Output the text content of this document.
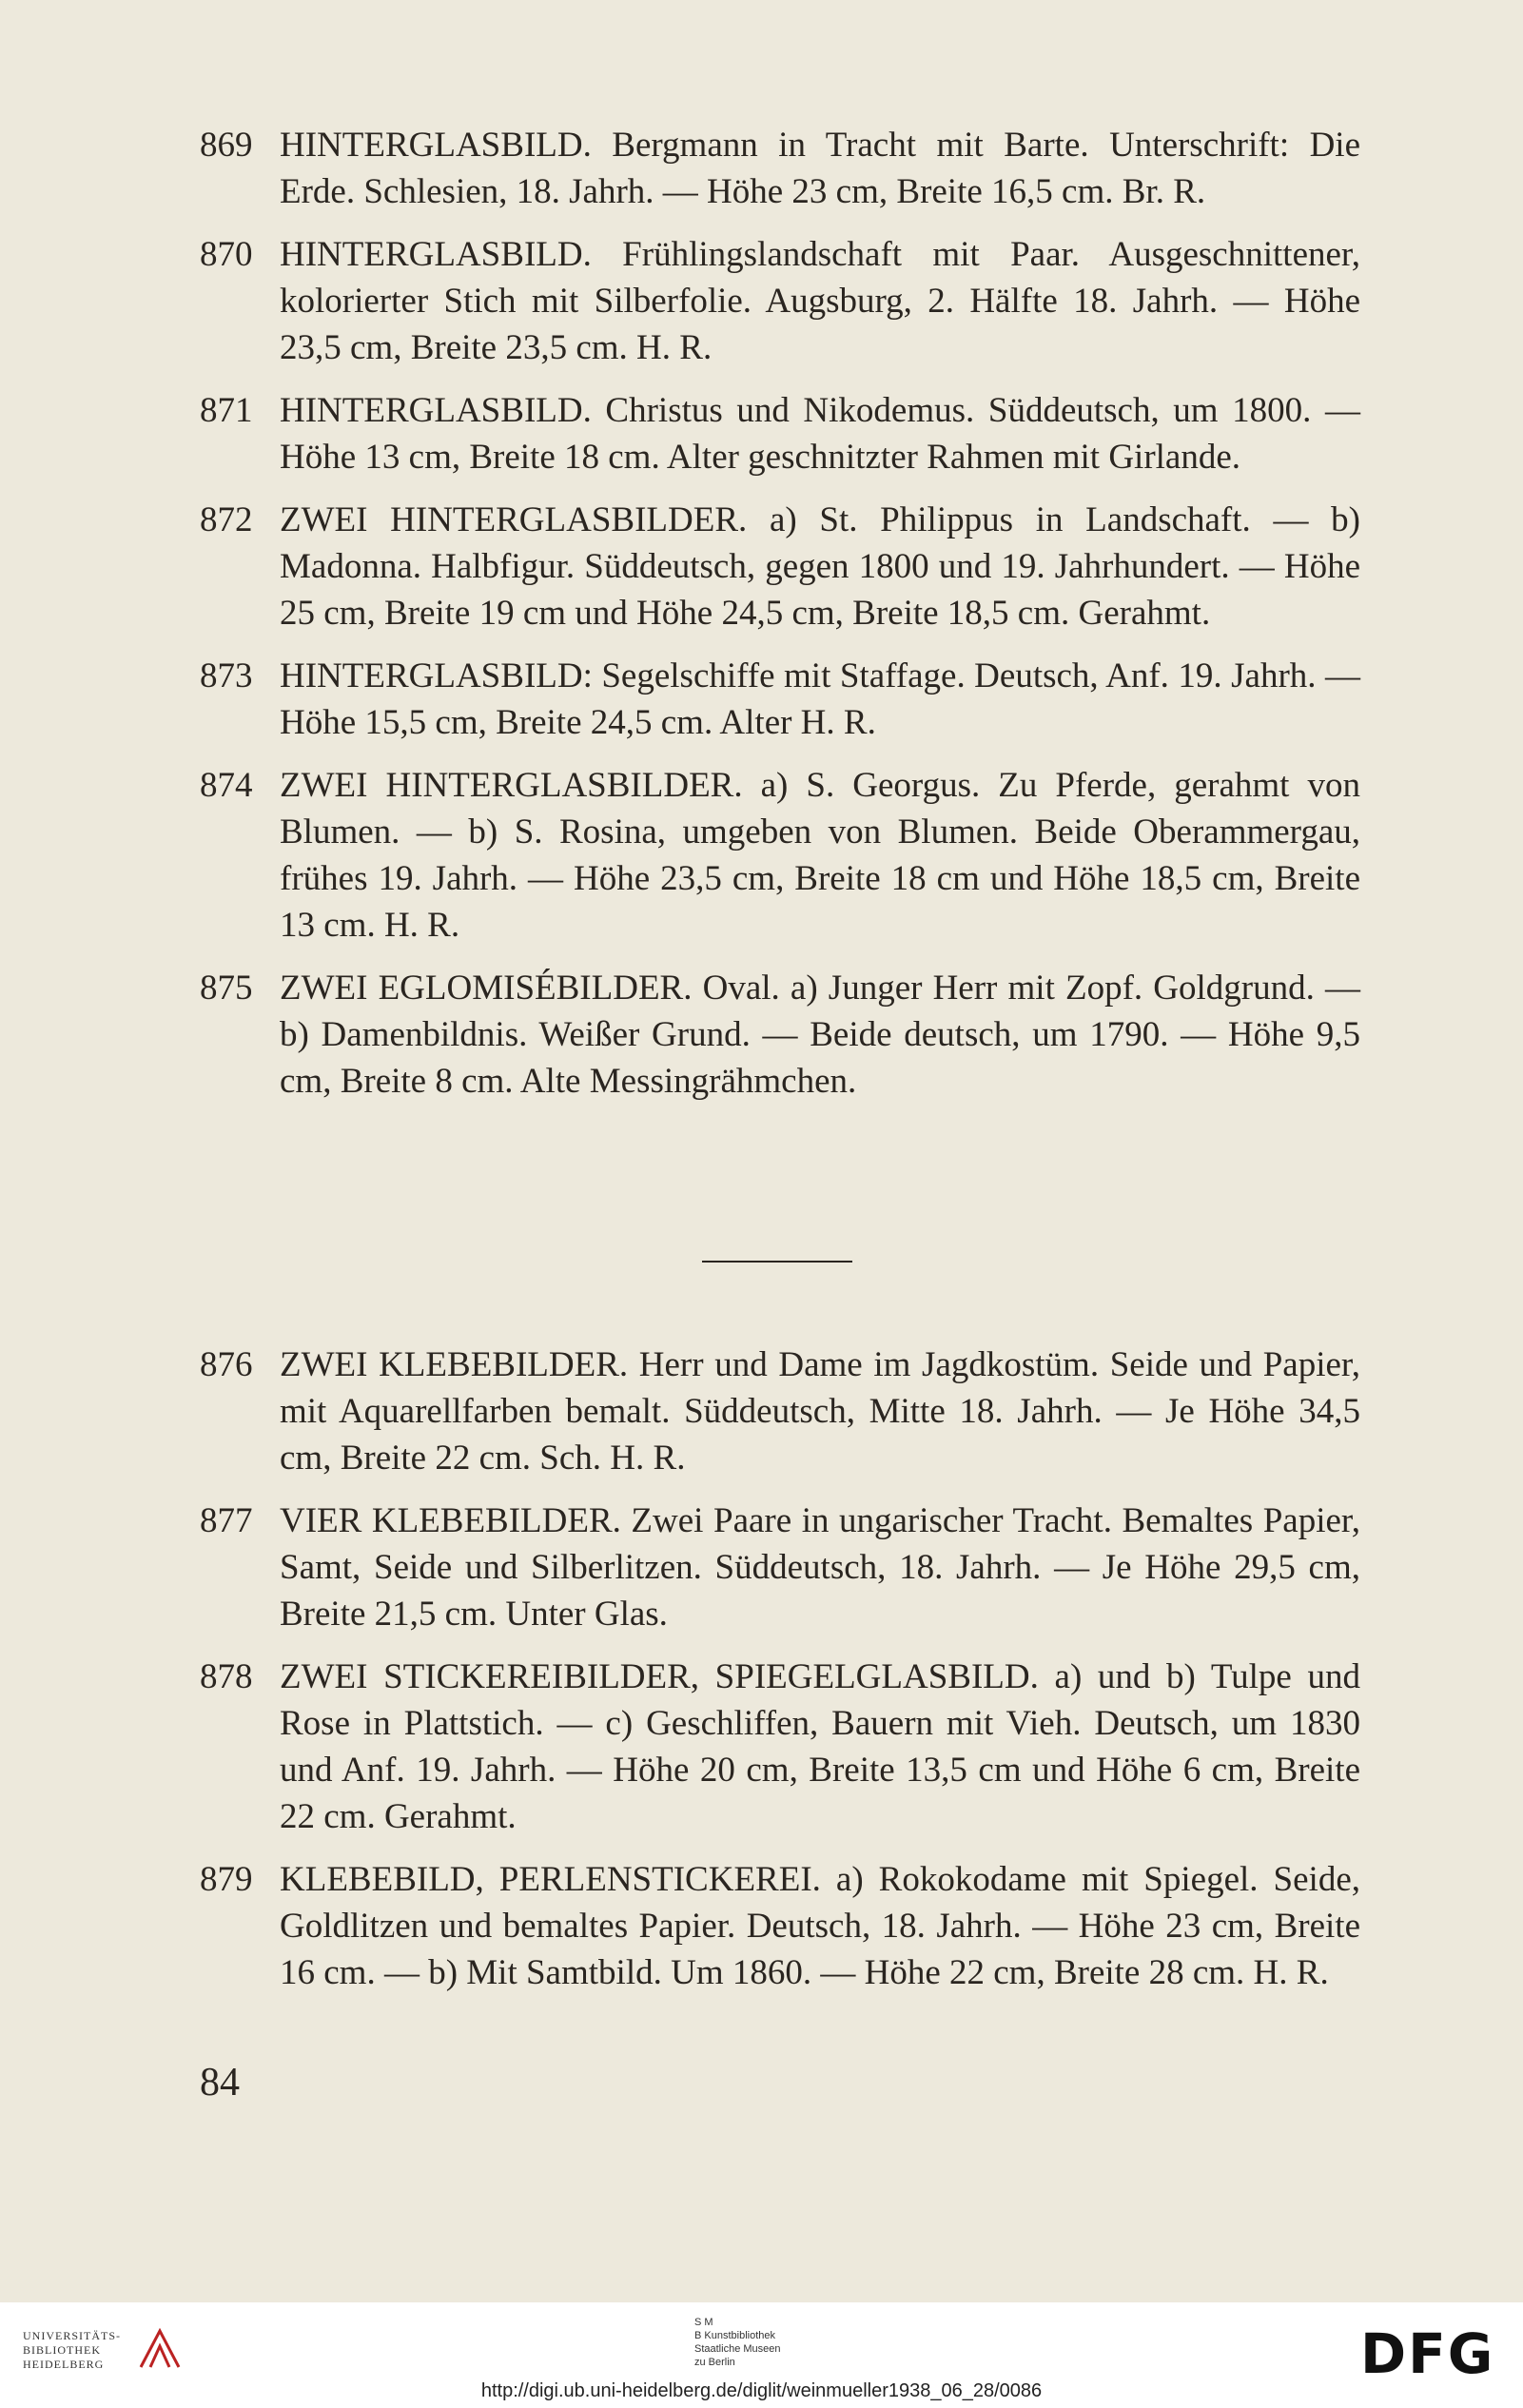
869 HINTERGLASBILD. Bergmann in Tracht mit Barte. Unterschrift: Die Erde. Schlesien, 18. Jahrh. — Höhe 23 cm, Breite 16,5 cm. Br. R.
870 HINTERGLASBILD. Frühlingslandschaft mit Paar. Ausgeschnittener, kolorierter Stich mit Silberfolie. Augsburg, 2. Hälfte 18. Jahrh. — Höhe 23,5 cm, Breite 23,5 cm. H. R.
871 HINTERGLASBILD. Christus und Nikodemus. Süddeutsch, um 1800. — Höhe 13 cm, Breite 18 cm. Alter geschnitzter Rahmen mit Girlande.
872 ZWEI HINTERGLASBILDER. a) St. Philippus in Landschaft. — b) Madonna. Halbfigur. Süddeutsch, gegen 1800 und 19. Jahrhundert. — Höhe 25 cm, Breite 19 cm und Höhe 24,5 cm, Breite 18,5 cm. Gerahmt.
873 HINTERGLASBILD: Segelschiffe mit Staffage. Deutsch, Anf. 19. Jahrh. — Höhe 15,5 cm, Breite 24,5 cm. Alter H. R.
874 ZWEI HINTERGLASBILDER. a) S. Georgus. Zu Pferde, gerahmt von Blumen. — b) S. Rosina, umgeben von Blumen. Beide Oberammergau, frühes 19. Jahrh. — Höhe 23,5 cm, Breite 18 cm und Höhe 18,5 cm, Breite 13 cm. H. R.
875 ZWEI EGLOMISÉBILDER. Oval. a) Junger Herr mit Zopf. Goldgrund. — b) Damenbildnis. Weißer Grund. — Beide deutsch, um 1790. — Höhe 9,5 cm, Breite 8 cm. Alte Messingrähmchen.
876 ZWEI KLEBEBILDER. Herr und Dame im Jagdkostüm. Seide und Papier, mit Aquarellfarben bemalt. Süddeutsch, Mitte 18. Jahrh. — Je Höhe 34,5 cm, Breite 22 cm. Sch. H. R.
877 VIER KLEBEBILDER. Zwei Paare in ungarischer Tracht. Bemaltes Papier, Samt, Seide und Silberlitzen. Süddeutsch, 18. Jahrh. — Je Höhe 29,5 cm, Breite 21,5 cm. Unter Glas.
878 ZWEI STICKEREIBILDER, SPIEGELGLASBILD. a) und b) Tulpe und Rose in Plattstich. — c) Geschliffen, Bauern mit Vieh. Deutsch, um 1830 und Anf. 19. Jahrh. — Höhe 20 cm, Breite 13,5 cm und Höhe 6 cm, Breite 22 cm. Gerahmt.
879 KLEBEBILD, PERLENSTICKEREI. a) Rokokodame mit Spiegel. Seide, Goldlitzen und bemaltes Papier. Deutsch, 18. Jahrh. — Höhe 23 cm, Breite 16 cm. — b) Mit Samtbild. Um 1860. — Höhe 22 cm, Breite 28 cm. H. R.
84
UNIVERSITÄTS-
BIBLIOTHEK
HEIDELBERG
S M
B Kunstbibliothek
Staatliche Museen
zu Berlin	DFG
http://digi.ub.uni-heidelberg.de/diglit/weinmueller1938_06_28/0086
